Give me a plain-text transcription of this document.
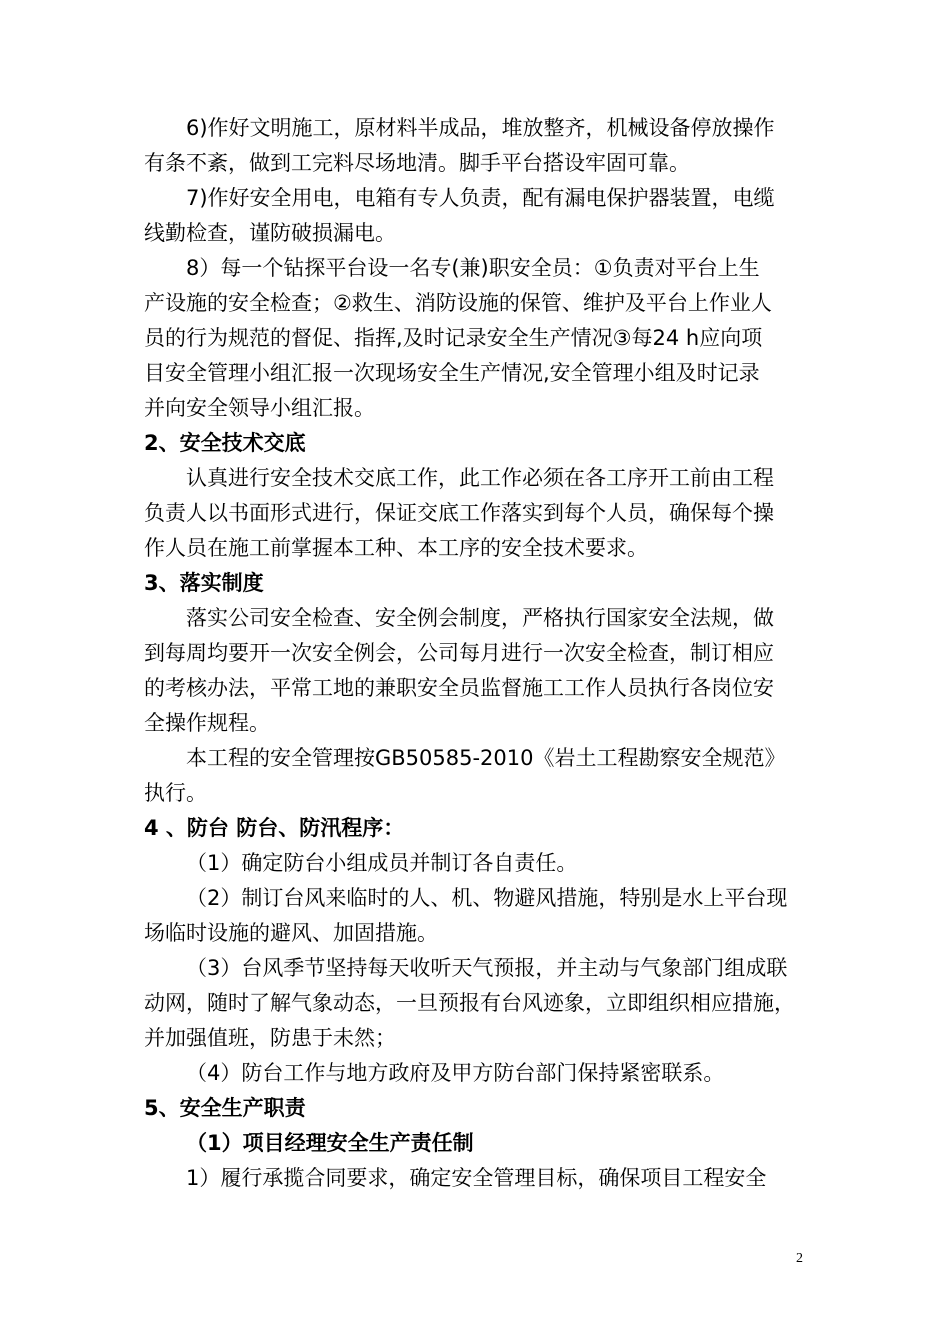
6)作好文明施工，原材料半成品，堆放整齐，机械设备停放操作
有条不紊，做到工完料尽场地清。脚手平台搭设牢固可靠。
7)作好安全用电，电箱有专人负责，配有漏电保护器装置，电缆
线勤检查，谨防破损漏电。
8）每一个钻探平台设一名专(兼)职安全员：①负责对平台上生
产设施的安全检查；②救生、消防设施的保管、维护及平台上作业人
员的行为规范的督促、指挥,及时记录安全生产情况③每24 h应向项
目安全管理小组汇报一次现场安全生产情况,安全管理小组及时记录
并向安全领导小组汇报。
2、安全技术交底
认真进行安全技术交底工作，此工作必须在各工序开工前由工程
负责人以书面形式进行，保证交底工作落实到每个人员，确保每个操
作人员在施工前掌握本工种、本工序的安全技术要求。
3、落实制度
落实公司安全检查、安全例会制度，严格执行国家安全法规，做
到每周均要开一次安全例会，公司每月进行一次安全检查，制订相应
的考核办法，平常工地的兼职安全员监督施工工作人员执行各岗位安
全操作规程。
本工程的安全管理按GB50585-2010《岩土工程勘察安全规范》
执行。
4 、防台 防台、防汛程序：
（1）确定防台小组成员并制订各自责任。
（2）制订台风来临时的人、机、物避风措施，特别是水上平台现
场临时设施的避风、加固措施。
（3）台风季节坚持每天收听天气预报，并主动与气象部门组成联
动网，随时了解气象动态，一旦预报有台风迹象，立即组织相应措施，
并加强值班，防患于未然；
（4）防台工作与地方政府及甲方防台部门保持紧密联系。
5、安全生产职责
（1）项目经理安全生产责任制
1）履行承揽合同要求，确定安全管理目标，确保项目工程安全
2
